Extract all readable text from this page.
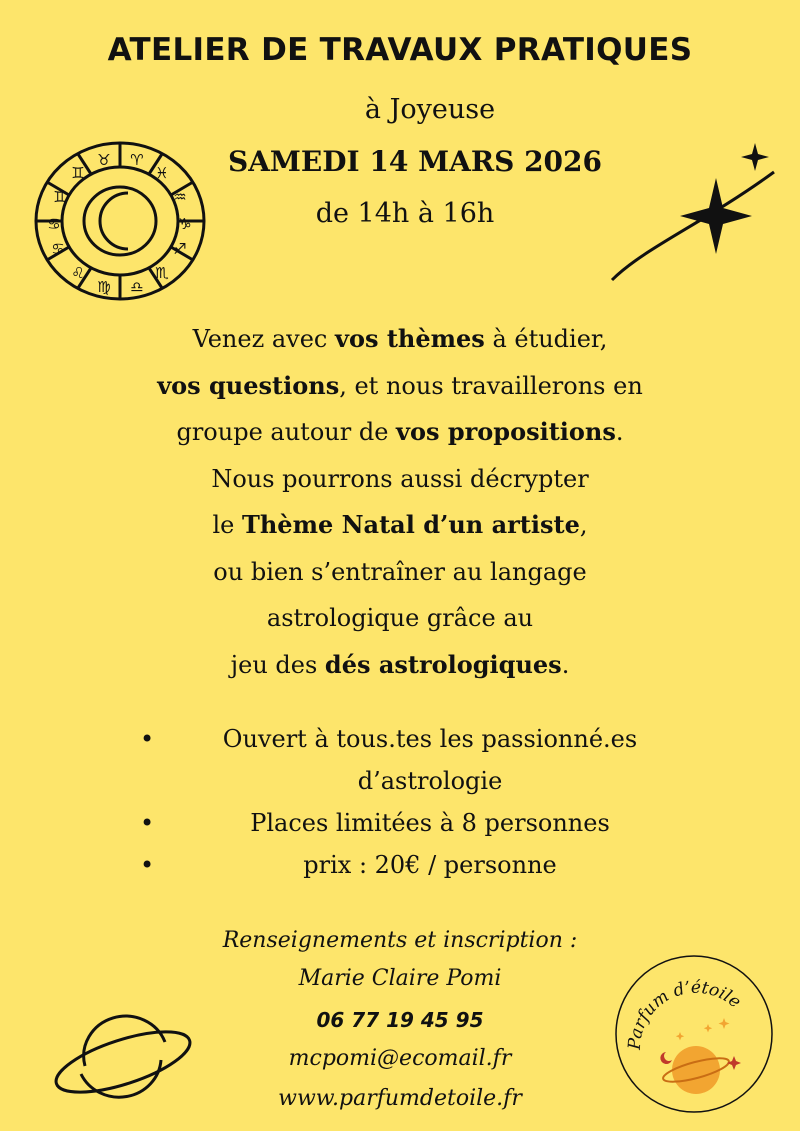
ATELIER DE TRAVAUX PRATIQUES
à Joyeuse
SAMEDI 14 MARS 2026
de 14h à 16h
♉ ♈
♓
♒
♑
♐
♏
♎
♍
♌
♋
♋
♊
♊
Venez avec vos thèmes à étudier,
vos questions, et nous travaillerons en
groupe autour de vos propositions.
Nous pourrons aussi décrypter
le Thème Natal d’un artiste,
ou bien s’entraîner au langage
astrologique grâce au
jeu des dés astrologiques.
•	Ouvert à tous.tes les passionné.es d’astrologie
•	Places limitées à 8 personnes
•	prix : 20€ / personne
Renseignements et inscription :
Marie Claire Pomi
06 77 19 45 95
mcpomi@ecomail.fr
www.parfumdetoile.fr
Parfum d’étoile
